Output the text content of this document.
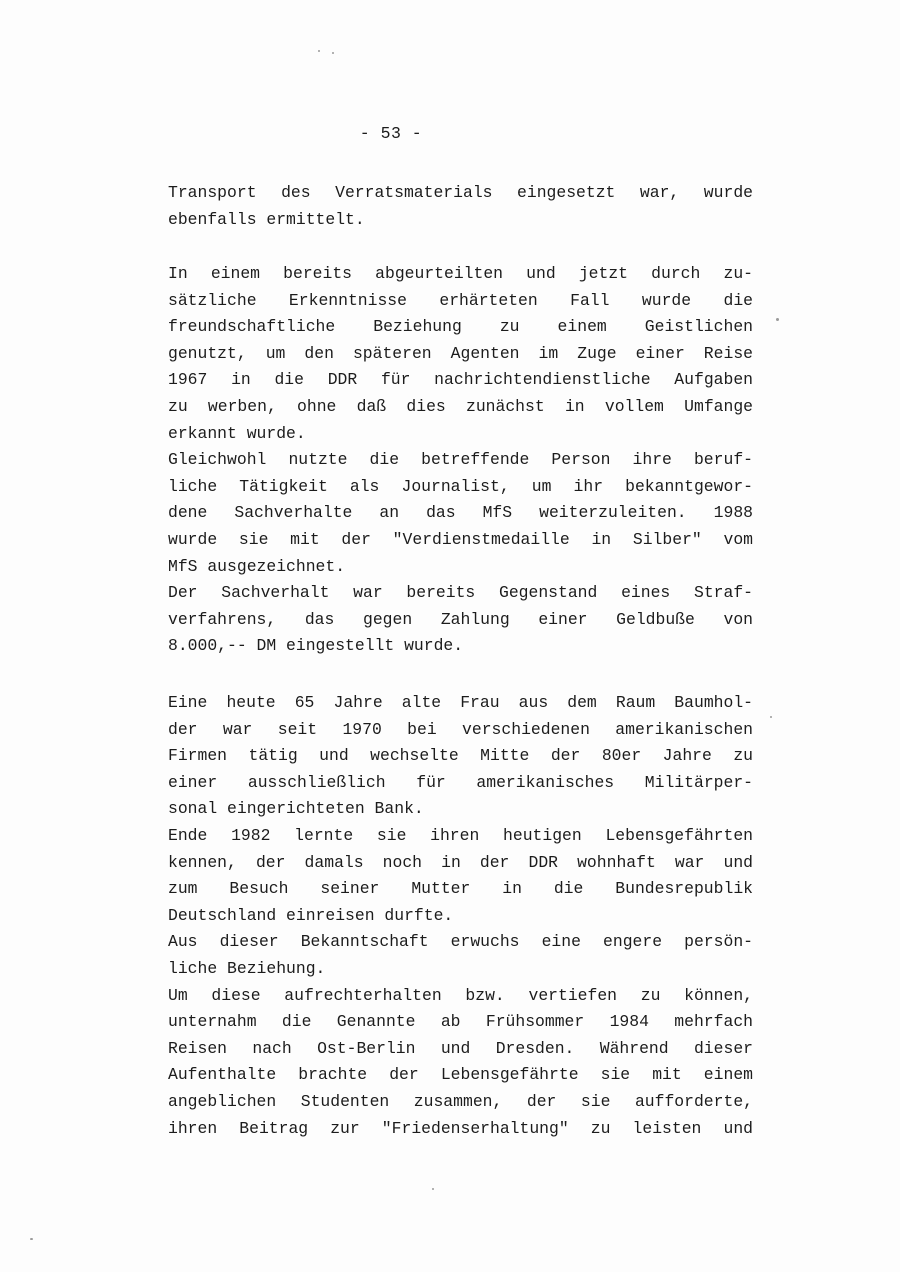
- 53 -
Transport des Verratsmaterials eingesetzt war, wurde
ebenfalls ermittelt.
In einem bereits abgeurteilten und jetzt durch zu-
sätzliche Erkenntnisse erhärteten Fall wurde die
freundschaftliche Beziehung zu einem Geistlichen
genutzt, um den späteren Agenten im Zuge einer Reise
1967 in die DDR für nachrichtendienstliche Aufgaben
zu werben, ohne daß dies zunächst in vollem Umfange
erkannt wurde.
Gleichwohl nutzte die betreffende Person ihre beruf-
liche Tätigkeit als Journalist, um ihr bekanntgewor-
dene Sachverhalte an das MfS weiterzuleiten. 1988
wurde sie mit der "Verdienstmedaille in Silber" vom
MfS ausgezeichnet.
Der Sachverhalt war bereits Gegenstand eines Straf-
verfahrens, das gegen Zahlung einer Geldbuße von
8.000,-- DM eingestellt wurde.
Eine heute 65 Jahre alte Frau aus dem Raum Baumhol-
der war seit 1970 bei verschiedenen amerikanischen
Firmen tätig und wechselte Mitte der 80er Jahre zu
einer ausschließlich für amerikanisches Militärper-
sonal eingerichteten Bank.
Ende 1982 lernte sie ihren heutigen Lebensgefährten
kennen, der damals noch in der DDR wohnhaft war und
zum Besuch seiner Mutter in die Bundesrepublik
Deutschland einreisen durfte.
Aus dieser Bekanntschaft erwuchs eine engere persön-
liche Beziehung.
Um diese aufrechterhalten bzw. vertiefen zu können,
unternahm die Genannte ab Frühsommer 1984 mehrfach
Reisen nach Ost-Berlin und Dresden. Während dieser
Aufenthalte brachte der Lebensgefährte sie mit einem
angeblichen Studenten zusammen, der sie aufforderte,
ihren Beitrag zur "Friedenserhaltung" zu leisten und
